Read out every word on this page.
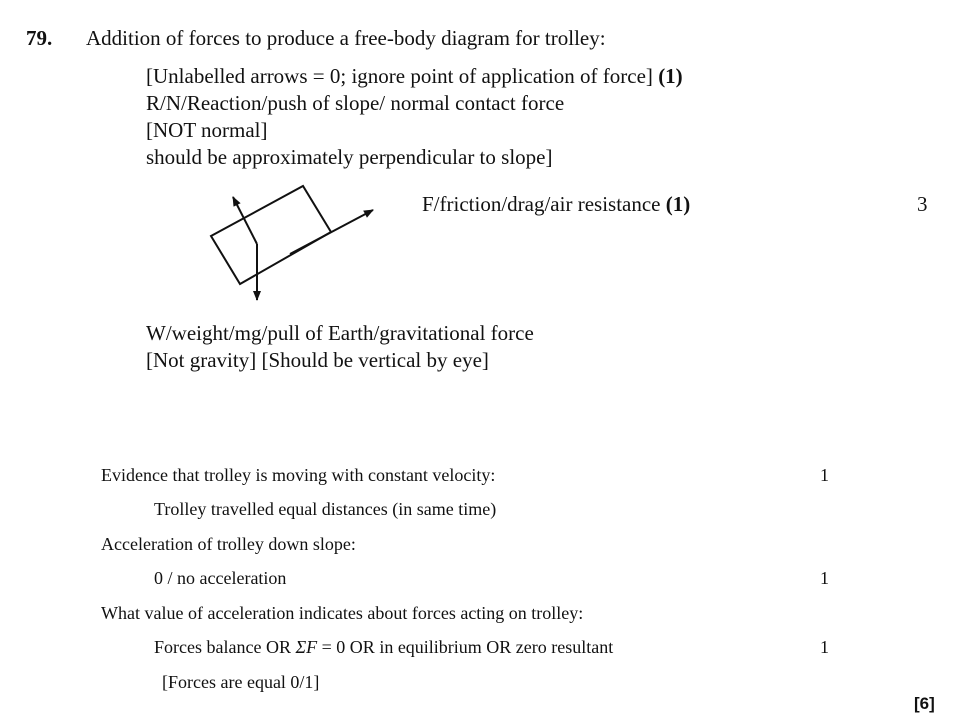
79. Addition of forces to produce a free-body diagram for trolley:
[Unlabelled arrows = 0; ignore point of application of force] (1)
R/N/Reaction/push of slope/ normal contact force
[NOT normal]
should be approximately perpendicular to slope]
F/friction/drag/air resistance (1)	3
W/weight/mg/pull of Earth/gravitational force
[Not gravity] [Should be vertical by eye]
Evidence that trolley is moving with constant velocity:	1
Trolley travelled equal distances (in same time)
Acceleration of trolley down slope:
0 / no acceleration	1
What value of acceleration indicates about forces acting on trolley:
Forces balance OR ΣF = 0 OR in equilibrium OR zero resultant	1
[Forces are equal 0/1]
[6]
